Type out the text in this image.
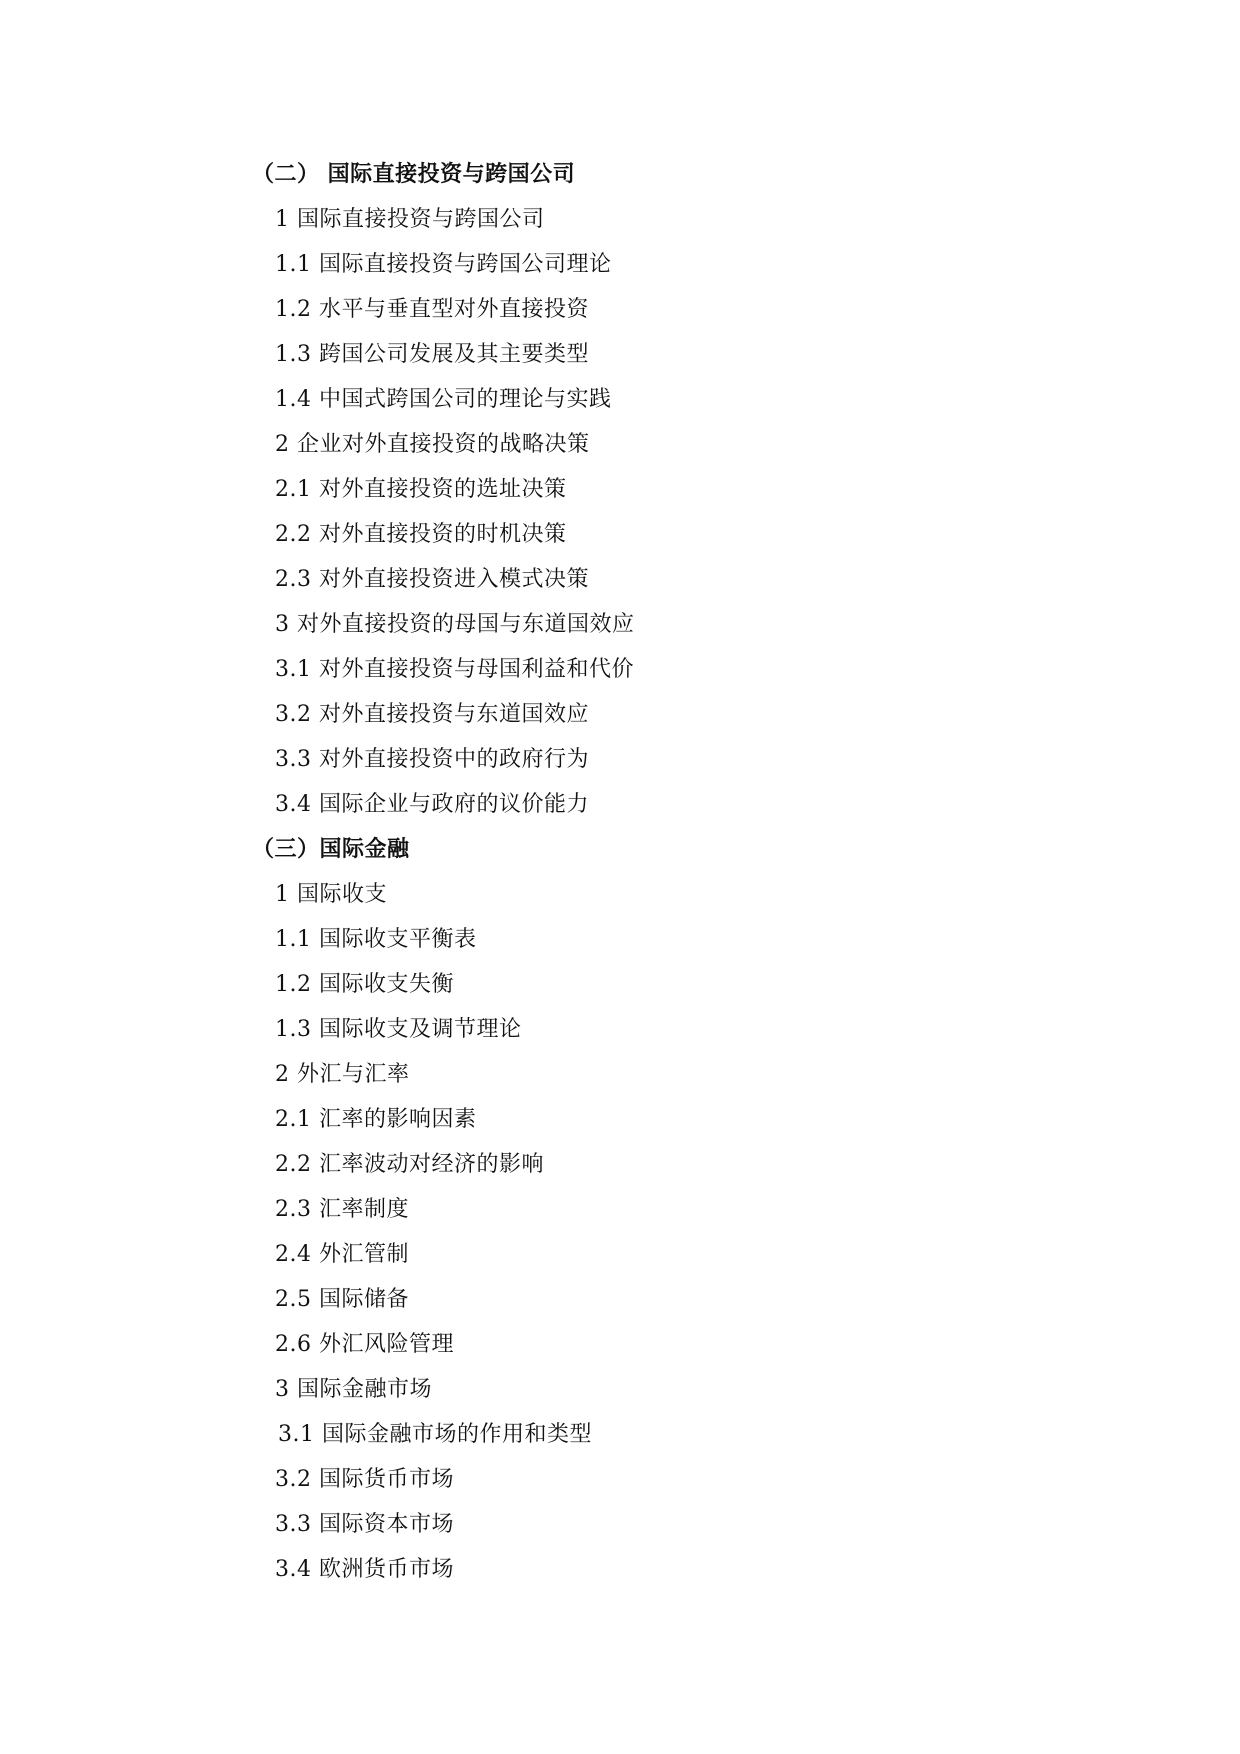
（二） 国际直接投资与跨国公司
1 国际直接投资与跨国公司
1.1 国际直接投资与跨国公司理论
1.2 水平与垂直型对外直接投资
1.3 跨国公司发展及其主要类型
1.4 中国式跨国公司的理论与实践
2 企业对外直接投资的战略决策
2.1 对外直接投资的选址决策
2.2 对外直接投资的时机决策
2.3 对外直接投资进入模式决策
3 对外直接投资的母国与东道国效应
3.1 对外直接投资与母国利益和代价
3.2 对外直接投资与东道国效应
3.3 对外直接投资中的政府行为
3.4 国际企业与政府的议价能力
（三）国际金融
1 国际收支
1.1 国际收支平衡表
1.2 国际收支失衡
1.3 国际收支及调节理论
2 外汇与汇率
2.1 汇率的影响因素
2.2 汇率波动对经济的影响
2.3 汇率制度
2.4 外汇管制
2.5 国际储备
2.6 外汇风险管理
3 国际金融市场
3.1 国际金融市场的作用和类型
3.2 国际货币市场
3.3 国际资本市场
3.4 欧洲货币市场
